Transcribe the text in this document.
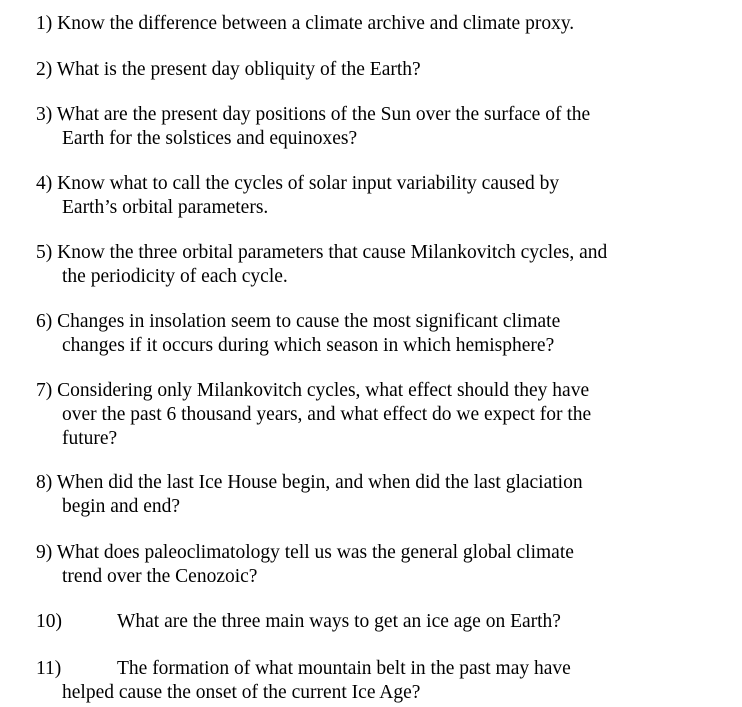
1) Know the difference between a climate archive and climate proxy.
2) What is the present day obliquity of the Earth?
3) What are the present day positions of the Sun over the surface of the
Earth for the solstices and equinoxes?
4) Know what to call the cycles of solar input variability caused by
Earth’s orbital parameters.
5) Know the three orbital parameters that cause Milankovitch cycles, and
the periodicity of each cycle.
6) Changes in insolation seem to cause the most significant climate
changes if it occurs during which season in which hemisphere?
7) Considering only Milankovitch cycles, what effect should they have
over the past 6 thousand years, and what effect do we expect for the
future?
8) When did the last Ice House begin, and when did the last glaciation
begin and end?
9) What does paleoclimatology tell us was the general global climate
trend over the Cenozoic?
10)	What are the three main ways to get an ice age on Earth?
11)	The formation of what mountain belt in the past may have
helped cause the onset of the current Ice Age?
